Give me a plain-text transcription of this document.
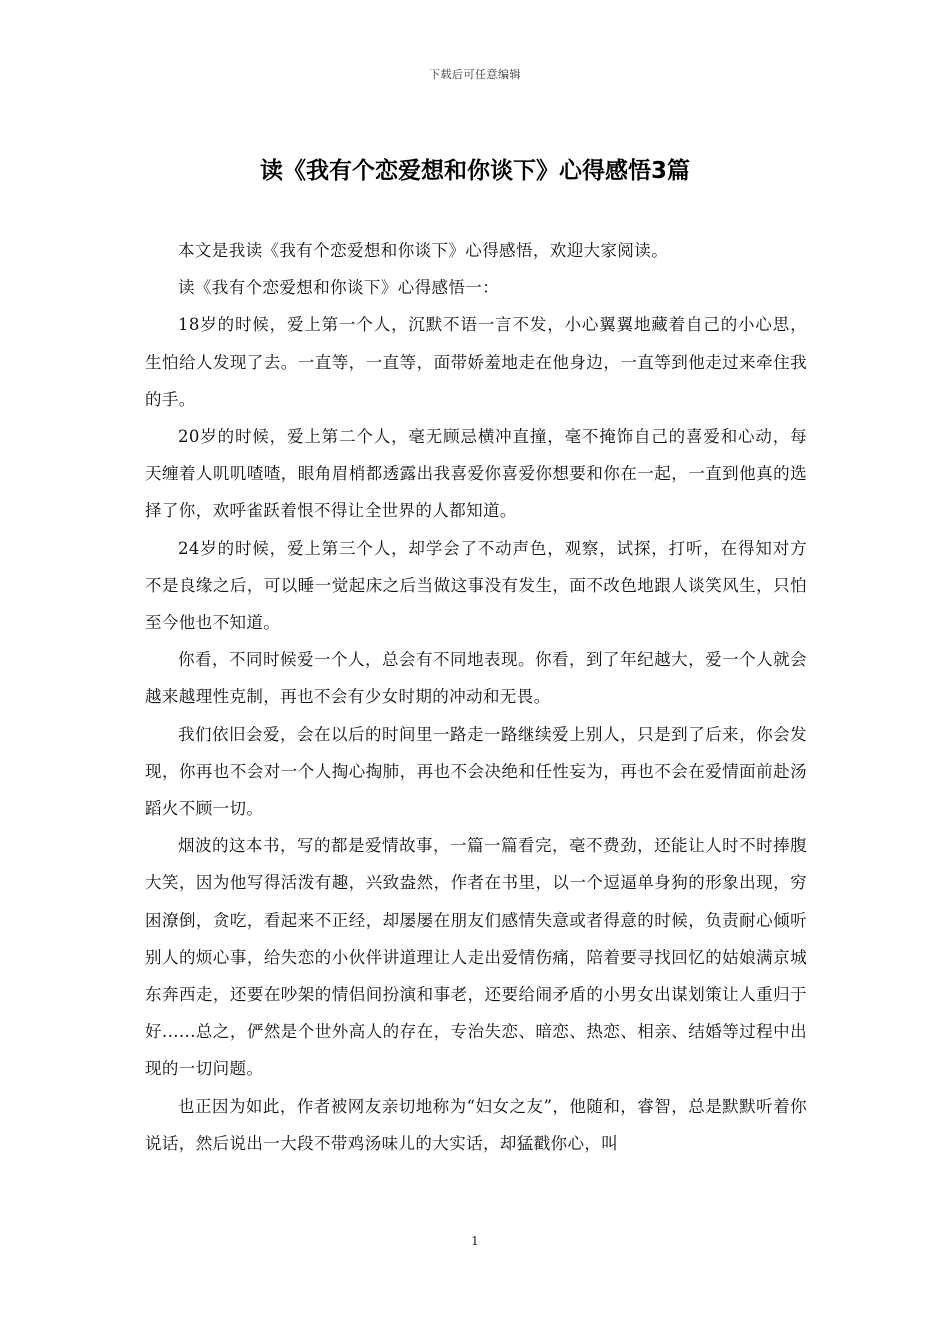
下载后可任意编辑
读《我有个恋爱想和你谈下》心得感悟3篇

本文是我读《我有个恋爱想和你谈下》心得感悟，欢迎大家阅读。

读《我有个恋爱想和你谈下》心得感悟一：

18岁的时候，爱上第一个人，沉默不语一言不发，小心翼翼地藏着自己的小心思，生怕给人发现了去。一直等，一直等，面带娇羞地走在他身边，一直等到他走过来牵住我的手。

20岁的时候，爱上第二个人，毫无顾忌横冲直撞，毫不掩饰自己的喜爱和心动，每天缠着人叽叽喳喳，眼角眉梢都透露出我喜爱你喜爱你想要和你在一起，一直到他真的选择了你，欢呼雀跃着恨不得让全世界的人都知道。

24岁的时候，爱上第三个人，却学会了不动声色，观察，试探，打听，在得知对方不是良缘之后，可以睡一觉起床之后当做这事没有发生，面不改色地跟人谈笑风生，只怕至今他也不知道。

你看，不同时候爱一个人，总会有不同地表现。你看，到了年纪越大，爱一个人就会越来越理性克制，再也不会有少女时期的冲动和无畏。

我们依旧会爱，会在以后的时间里一路走一路继续爱上别人，只是到了后来，你会发现，你再也不会对一个人掏心掏肺，再也不会决绝和任性妄为，再也不会在爱情面前赴汤蹈火不顾一切。

烟波的这本书，写的都是爱情故事，一篇一篇看完，毫不费劲，还能让人时不时捧腹大笑，因为他写得活泼有趣，兴致盎然，作者在书里，以一个逗逼单身狗的形象出现，穷困潦倒，贪吃，看起来不正经，却屡屡在朋友们感情失意或者得意的时候，负责耐心倾听别人的烦心事，给失恋的小伙伴讲道理让人走出爱情伤痛，陪着要寻找回忆的姑娘满京城东奔西走，还要在吵架的情侣间扮演和事老，还要给闹矛盾的小男女出谋划策让人重归于好......总之，俨然是个世外高人的存在，专治失恋、暗恋、热恋、相亲、结婚等过程中出现的一切问题。

也正因为如此，作者被网友亲切地称为“妇女之友”，他随和，睿智，总是默默听着你说话，然后说出一大段不带鸡汤味儿的大实话，却猛戳你心，叫

1
